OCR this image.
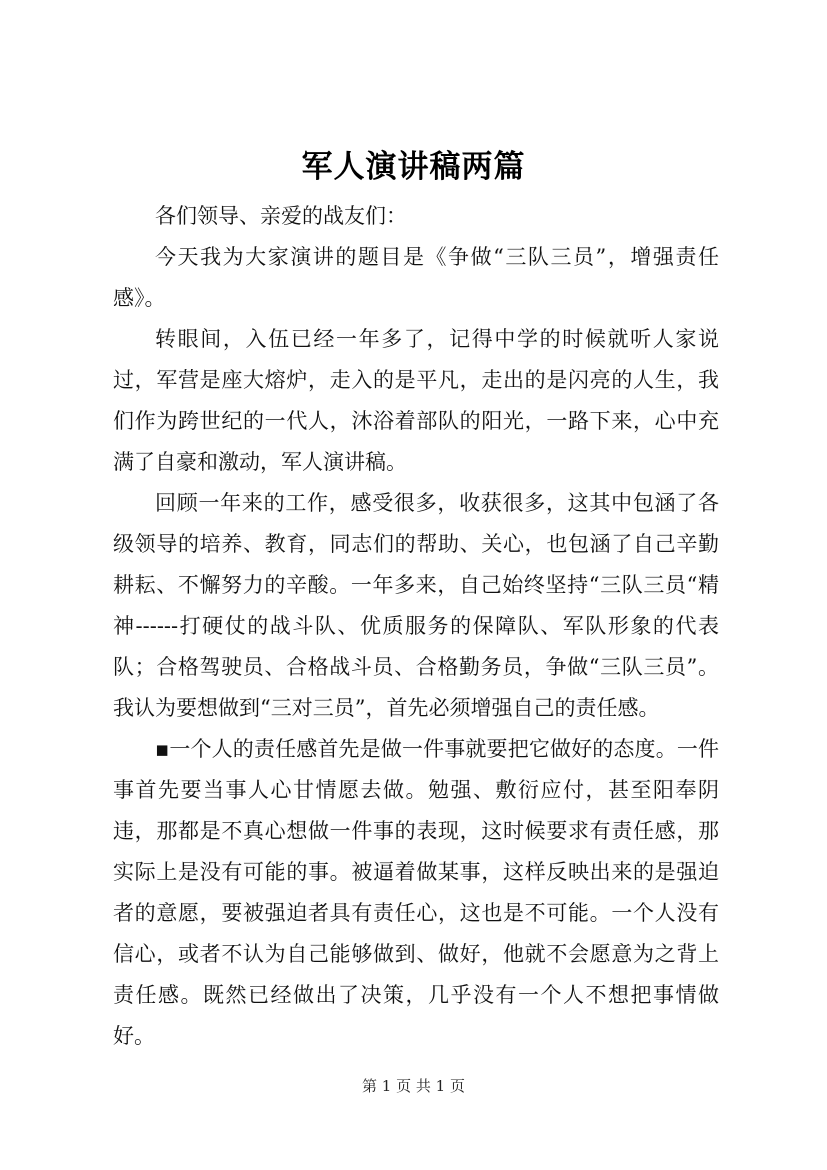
军人演讲稿两篇

各们领导、亲爱的战友们：

今天我为大家演讲的题目是《争做“三队三员”，增强责任感》。

转眼间，入伍已经一年多了，记得中学的时候就听人家说过，军营是座大熔炉，走入的是平凡，走出的是闪亮的人生，我们作为跨世纪的一代人，沐浴着部队的阳光，一路下来，心中充满了自豪和激动，军人演讲稿。

回顾一年来的工作，感受很多，收获很多，这其中包涵了各级领导的培养、教育，同志们的帮助、关心，也包涵了自己辛勤耕耘、不懈努力的辛酸。一年多来，自己始终坚持“三队三员“精神------打硬仗的战斗队、优质服务的保障队、军队形象的代表队；合格驾驶员、合格战斗员、合格勤务员，争做“三队三员”。我认为要想做到“三对三员”，首先必须增强自己的责任感。

▪一个人的责任感首先是做一件事就要把它做好的态度。一件事首先要当事人心甘情愿去做。勉强、敷衍应付，甚至阳奉阴违，那都是不真心想做一件事的表现，这时候要求有责任感，那实际上是没有可能的事。被逼着做某事，这样反映出来的是强迫者的意愿，要被强迫者具有责任心，这也是不可能。一个人没有信心，或者不认为自己能够做到、做好，他就不会愿意为之背上责任感。既然已经做出了决策，几乎没有一个人不想把事情做好。

第 1 页 共 1 页
